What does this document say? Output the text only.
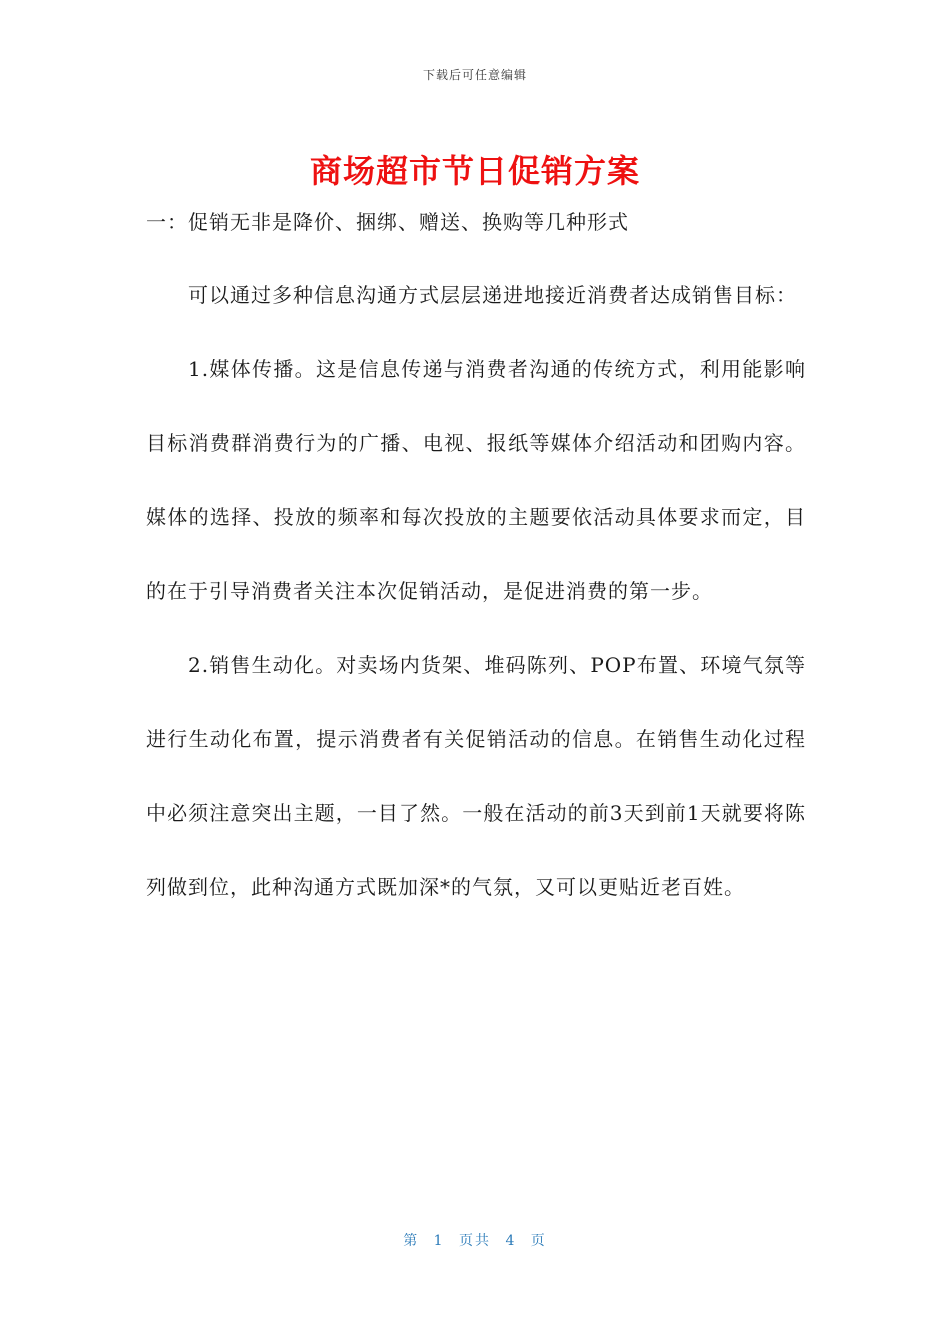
下载后可任意编辑
商场超市节日促销方案
一：促销无非是降价、捆绑、赠送、换购等几种形式

可以通过多种信息沟通方式层层递进地接近消费者达成销售目标：

1.媒体传播。这是信息传递与消费者沟通的传统方式，利用能影响目标消费群消费行为的广播、电视、报纸等媒体介绍活动和团购内容。媒体的选择、投放的频率和每次投放的主题要依活动具体要求而定，目的在于引导消费者关注本次促销活动，是促进消费的第一步。

2.销售生动化。对卖场内货架、堆码陈列、POP布置、环境气氛等进行生动化布置，提示消费者有关促销活动的信息。在销售生动化过程中必须注意突出主题，一目了然。一般在活动的前3天到前1天就要将陈列做到位，此种沟通方式既加深*的气氛，又可以更贴近老百姓。

第 1 页共 4 页
